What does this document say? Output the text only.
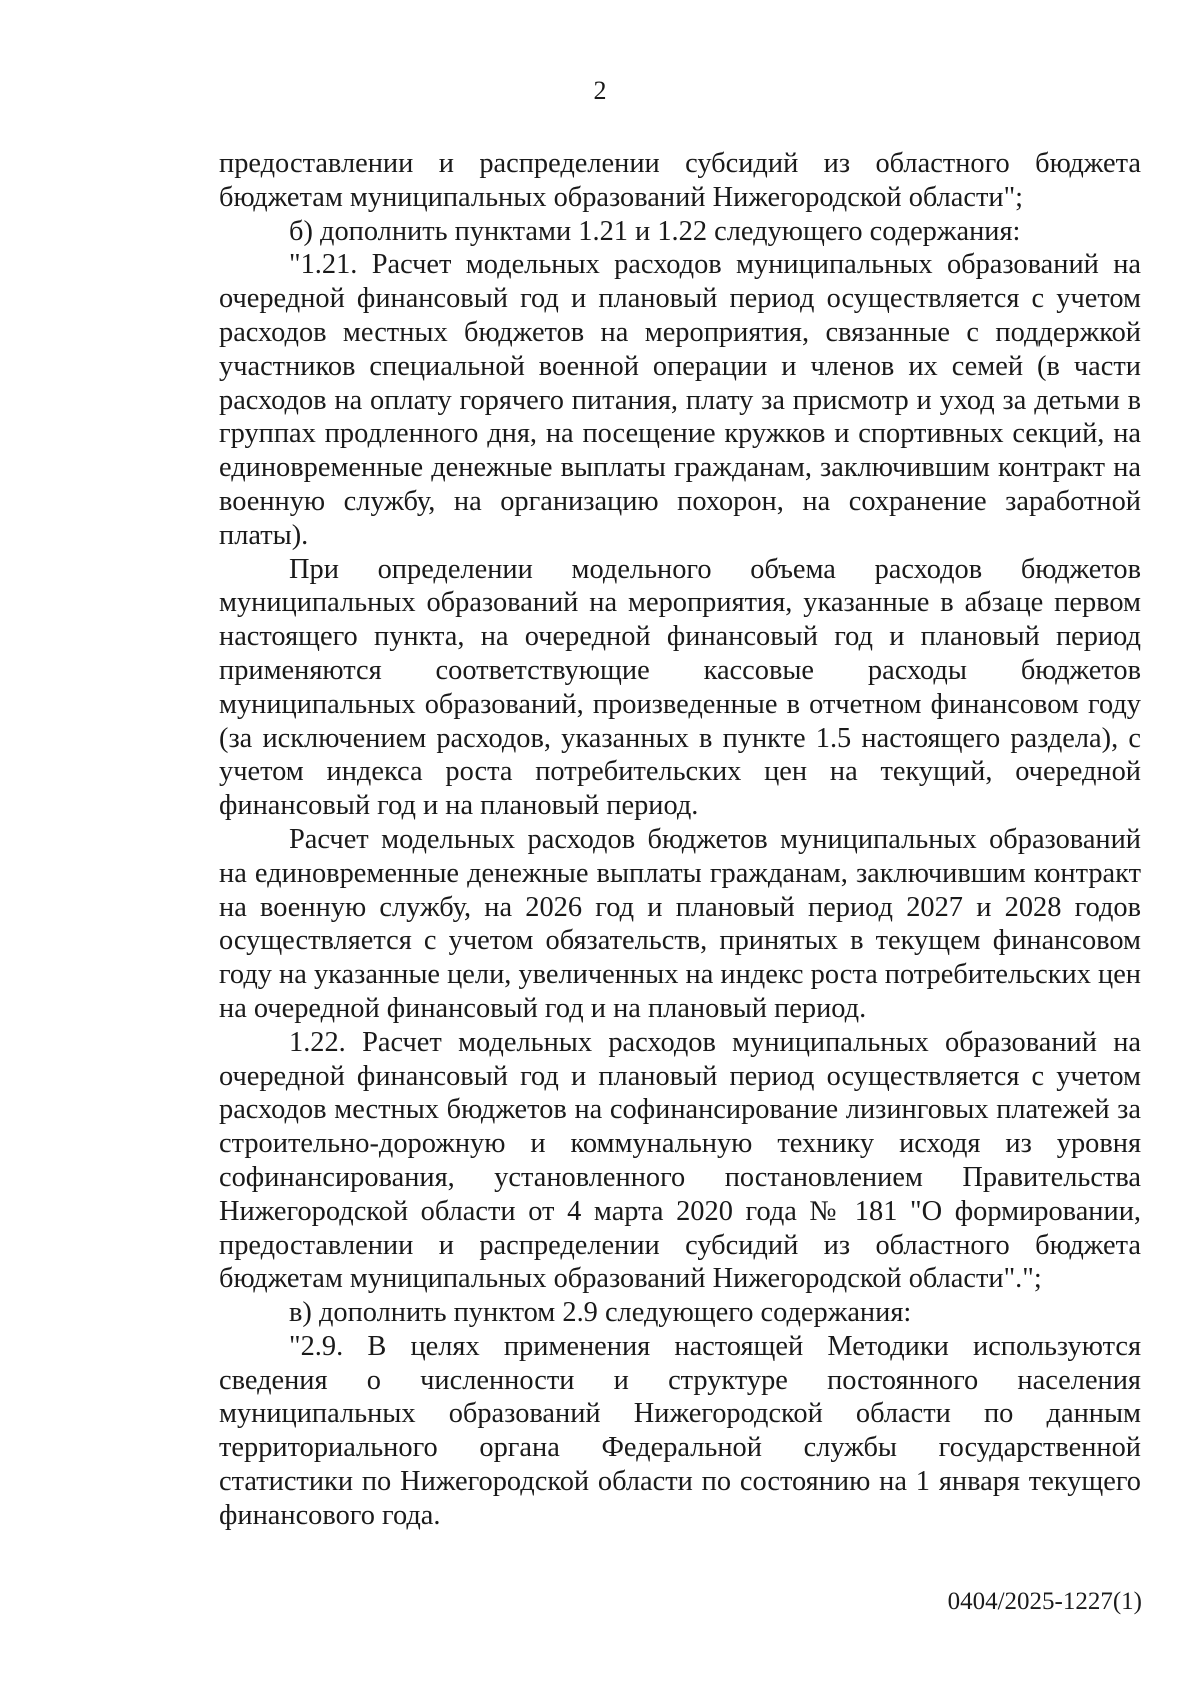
2

предоставлении и распределении субсидий из областного бюджета бюджетам муниципальных образований Нижегородской области";

б) дополнить пунктами 1.21 и 1.22 следующего содержания:

"1.21. Расчет модельных расходов муниципальных образований на очередной финансовый год и плановый период осуществляется с учетом расходов местных бюджетов на мероприятия, связанные с поддержкой участников специальной военной операции и членов их семей (в части расходов на оплату горячего питания, плату за присмотр и уход за детьми в группах продленного дня, на посещение кружков и спортивных секций, на единовременные денежные выплаты гражданам, заключившим контракт на военную службу, на организацию похорон, на сохранение заработной платы).

При определении модельного объема расходов бюджетов муниципальных образований на мероприятия, указанные в абзаце первом настоящего пункта, на очередной финансовый год и плановый период применяются соответствующие кассовые расходы бюджетов муниципальных образований, произведенные в отчетном финансовом году (за исключением расходов, указанных в пункте 1.5 настоящего раздела), с учетом индекса роста потребительских цен на текущий, очередной финансовый год и на плановый период.

Расчет модельных расходов бюджетов муниципальных образований на единовременные денежные выплаты гражданам, заключившим контракт на военную службу, на 2026 год и плановый период 2027 и 2028 годов осуществляется с учетом обязательств, принятых в текущем финансовом году на указанные цели, увеличенных на индекс роста потребительских цен на очередной финансовый год и на плановый период.

1.22. Расчет модельных расходов муниципальных образований на очередной финансовый год и плановый период осуществляется с учетом расходов местных бюджетов на софинансирование лизинговых платежей за строительно-дорожную и коммунальную технику исходя из уровня софинансирования, установленного постановлением Правительства Нижегородской области от 4 марта 2020 года № 181 "О формировании, предоставлении и распределении субсидий из областного бюджета бюджетам муниципальных образований Нижегородской области".";

в) дополнить пунктом 2.9 следующего содержания:

"2.9. В целях применения настоящей Методики используются сведения о численности и структуре постоянного населения муниципальных образований Нижегородской области по данным территориального органа Федеральной службы государственной статистики по Нижегородской области по состоянию на 1 января текущего финансового года.

0404/2025-1227(1)
